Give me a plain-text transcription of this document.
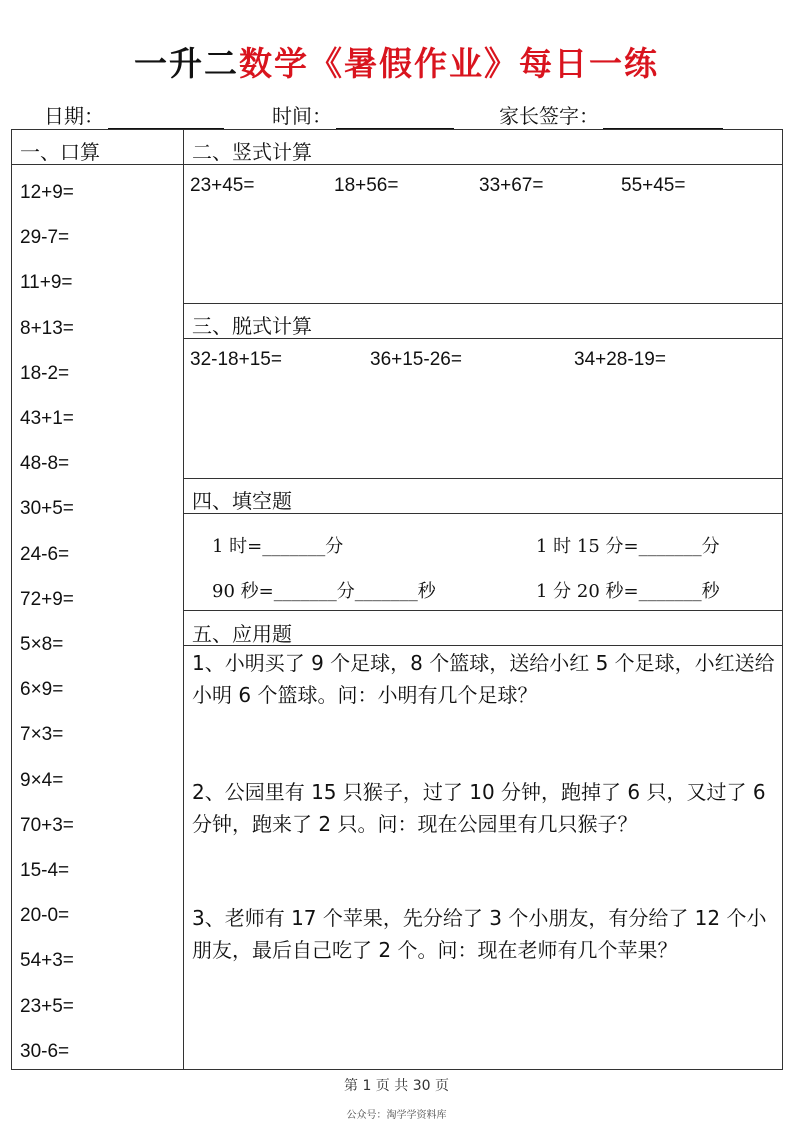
一升二数学《暑假作业》每日一练
日期：	时间：	家长签字：
一、口算
12+9=
29-7=
11+9=
8+13=
18-2=
43+1=
48-8=
30+5=
24-6=
72+9=
5×8=
6×9=
7×3=
9×4=
70+3=
15-4=
20-0=
54+3=
23+5=
30-6=
二、竖式计算
23+45=	18+56=	33+67=	55+45=
三、脱式计算
32-18+15=	36+15-26=	34+28-19=
四、填空题
1 时=_______分	1 时 15 分=_______分
90 秒=_______分_______秒	1 分 20 秒=_______秒
五、应用题
1、小明买了 9 个足球，8 个篮球，送给小红 5 个足球，小红送给小明 6 个篮球。问：小明有几个足球？
2、公园里有 15 只猴子，过了 10 分钟，跑掉了 6 只，又过了 6 分钟，跑来了 2 只。问：现在公园里有几只猴子？
3、老师有 17 个苹果，先分给了 3 个小朋友，有分给了 12 个小朋友，最后自己吃了 2 个。问：现在老师有几个苹果？
第 1 页 共 30 页
公众号：淘学学资料库
